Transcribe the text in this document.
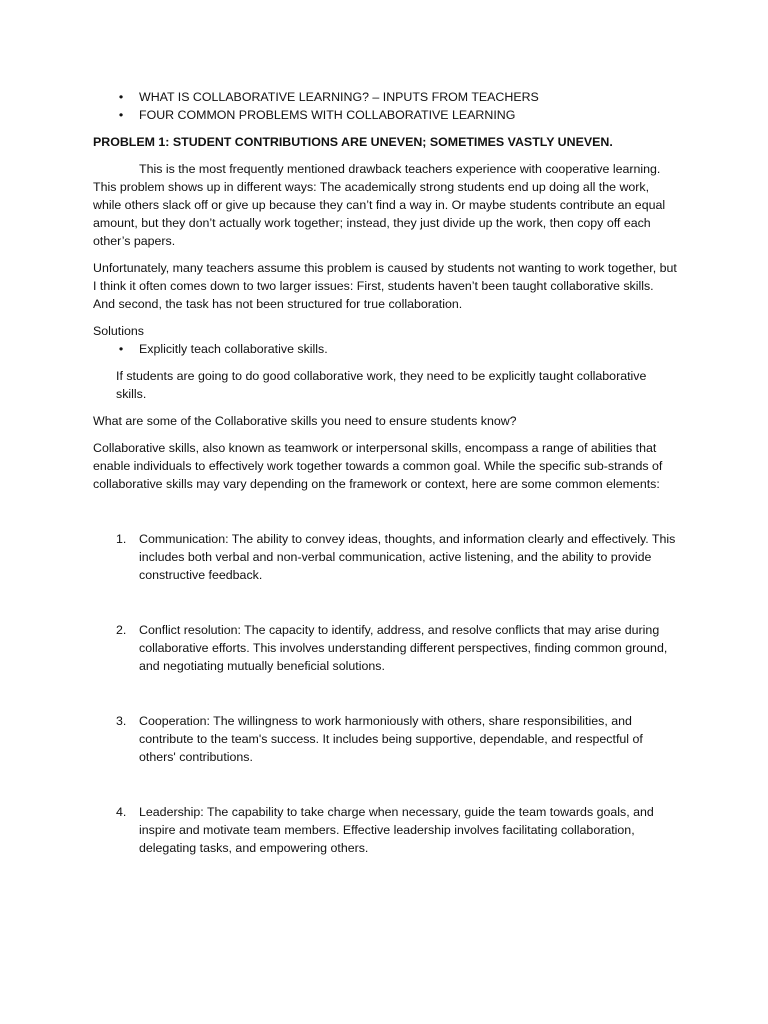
• WHAT IS COLLABORATIVE LEARNING? – INPUTS FROM TEACHERS
• FOUR COMMON PROBLEMS WITH COLLABORATIVE LEARNING

PROBLEM 1: STUDENT CONTRIBUTIONS ARE UNEVEN; SOMETIMES VASTLY UNEVEN.

This is the most frequently mentioned drawback teachers experience with cooperative learning. This problem shows up in different ways: The academically strong students end up doing all the work, while others slack off or give up because they can’t find a way in. Or maybe students contribute an equal amount, but they don’t actually work together; instead, they just divide up the work, then copy off each other’s papers.

Unfortunately, many teachers assume this problem is caused by students not wanting to work together, but I think it often comes down to two larger issues: First, students haven’t been taught collaborative skills. And second, the task has not been structured for true collaboration.

Solutions

• Explicitly teach collaborative skills.

If students are going to do good collaborative work, they need to be explicitly taught collaborative skills.

What are some of the Collaborative skills you need to ensure students know?

Collaborative skills, also known as teamwork or interpersonal skills, encompass a range of abilities that enable individuals to effectively work together towards a common goal. While the specific sub-strands of collaborative skills may vary depending on the framework or context, here are some common elements:

1.	Communication: The ability to convey ideas, thoughts, and information clearly and effectively. This includes both verbal and non-verbal communication, active listening, and the ability to provide constructive feedback.
2.	Conflict resolution: The capacity to identify, address, and resolve conflicts that may arise during collaborative efforts. This involves understanding different perspectives, finding common ground, and negotiating mutually beneficial solutions.
3.	Cooperation: The willingness to work harmoniously with others, share responsibilities, and contribute to the team's success. It includes being supportive, dependable, and respectful of others' contributions.
4.	Leadership: The capability to take charge when necessary, guide the team towards goals, and inspire and motivate team members. Effective leadership involves facilitating collaboration, delegating tasks, and empowering others.
